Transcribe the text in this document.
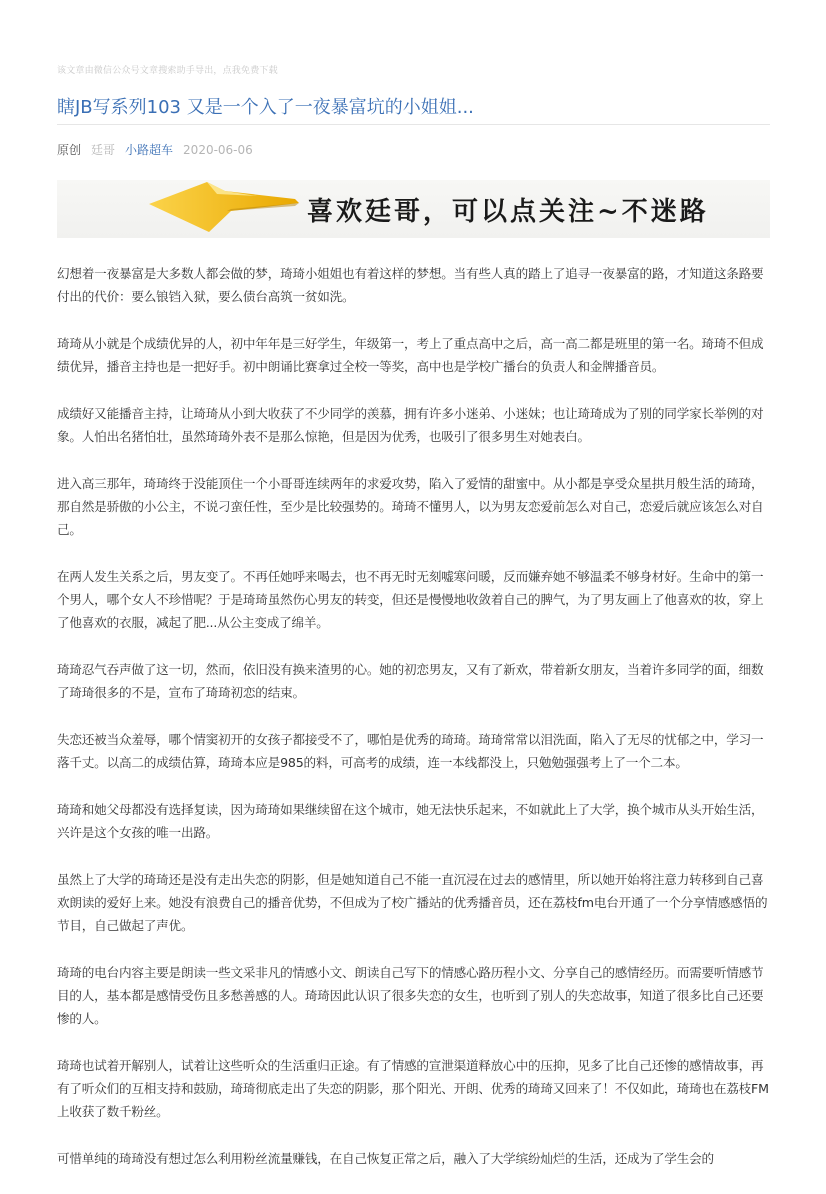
该文章由微信公众号文章搜索助手导出，点我免费下载
瞎JB写系列103 又是一个入了一夜暴富坑的小姐姐...
原创 廷哥 小路超车 2020-06-06
喜欢廷哥，可以点关注~不迷路

幻想着一夜暴富是大多数人都会做的梦，琦琦小姐姐也有着这样的梦想。当有些人真的踏上了追寻一夜暴富的路，才知道这条路要付出的代价：要么锒铛入狱，要么债台高筑一贫如洗。

琦琦从小就是个成绩优异的人，初中年年是三好学生，年级第一，考上了重点高中之后，高一高二都是班里的第一名。琦琦不但成绩优异，播音主持也是一把好手。初中朗诵比赛拿过全校一等奖，高中也是学校广播台的负责人和金牌播音员。

成绩好又能播音主持，让琦琦从小到大收获了不少同学的羡慕，拥有许多小迷弟、小迷妹；也让琦琦成为了别的同学家长举例的对象。人怕出名猪怕壮，虽然琦琦外表不是那么惊艳，但是因为优秀，也吸引了很多男生对她表白。

进入高三那年，琦琦终于没能顶住一个小哥哥连续两年的求爱攻势，陷入了爱情的甜蜜中。从小都是享受众星拱月般生活的琦琦，那自然是骄傲的小公主，不说刁蛮任性，至少是比较强势的。琦琦不懂男人，以为男友恋爱前怎么对自己，恋爱后就应该怎么对自己。

在两人发生关系之后，男友变了。不再任她呼来喝去，也不再无时无刻嘘寒问暖，反而嫌弃她不够温柔不够身材好。生命中的第一个男人，哪个女人不珍惜呢？于是琦琦虽然伤心男友的转变，但还是慢慢地收敛着自己的脾气，为了男友画上了他喜欢的妆，穿上了他喜欢的衣服，减起了肥...从公主变成了绵羊。

琦琦忍气吞声做了这一切，然而，依旧没有换来渣男的心。她的初恋男友，又有了新欢，带着新女朋友，当着许多同学的面，细数了琦琦很多的不是，宣布了琦琦初恋的结束。

失恋还被当众羞辱，哪个情窦初开的女孩子都接受不了，哪怕是优秀的琦琦。琦琦常常以泪洗面，陷入了无尽的忧郁之中，学习一落千丈。以高二的成绩估算，琦琦本应是985的料，可高考的成绩，连一本线都没上，只勉勉强强考上了一个二本。

琦琦和她父母都没有选择复读，因为琦琦如果继续留在这个城市，她无法快乐起来，不如就此上了大学，换个城市从头开始生活，兴许是这个女孩的唯一出路。

虽然上了大学的琦琦还是没有走出失恋的阴影，但是她知道自己不能一直沉浸在过去的感情里，所以她开始将注意力转移到自己喜欢朗读的爱好上来。她没有浪费自己的播音优势，不但成为了校广播站的优秀播音员，还在荔枝fm电台开通了一个分享情感感悟的节目，自己做起了声优。

琦琦的电台内容主要是朗读一些文采非凡的情感小文、朗读自己写下的情感心路历程小文、分享自己的感情经历。而需要听情感节目的人，基本都是感情受伤且多愁善感的人。琦琦因此认识了很多失恋的女生，也听到了别人的失恋故事，知道了很多比自己还要惨的人。

琦琦也试着开解别人，试着让这些听众的生活重归正途。有了情感的宣泄渠道释放心中的压抑，见多了比自己还惨的感情故事，再有了听众们的互相支持和鼓励，琦琦彻底走出了失恋的阴影，那个阳光、开朗、优秀的琦琦又回来了！不仅如此，琦琦也在荔枝FM上收获了数千粉丝。

可惜单纯的琦琦没有想过怎么利用粉丝流量赚钱，在自己恢复正常之后，融入了大学缤纷灿烂的生活，还成为了学生会的
